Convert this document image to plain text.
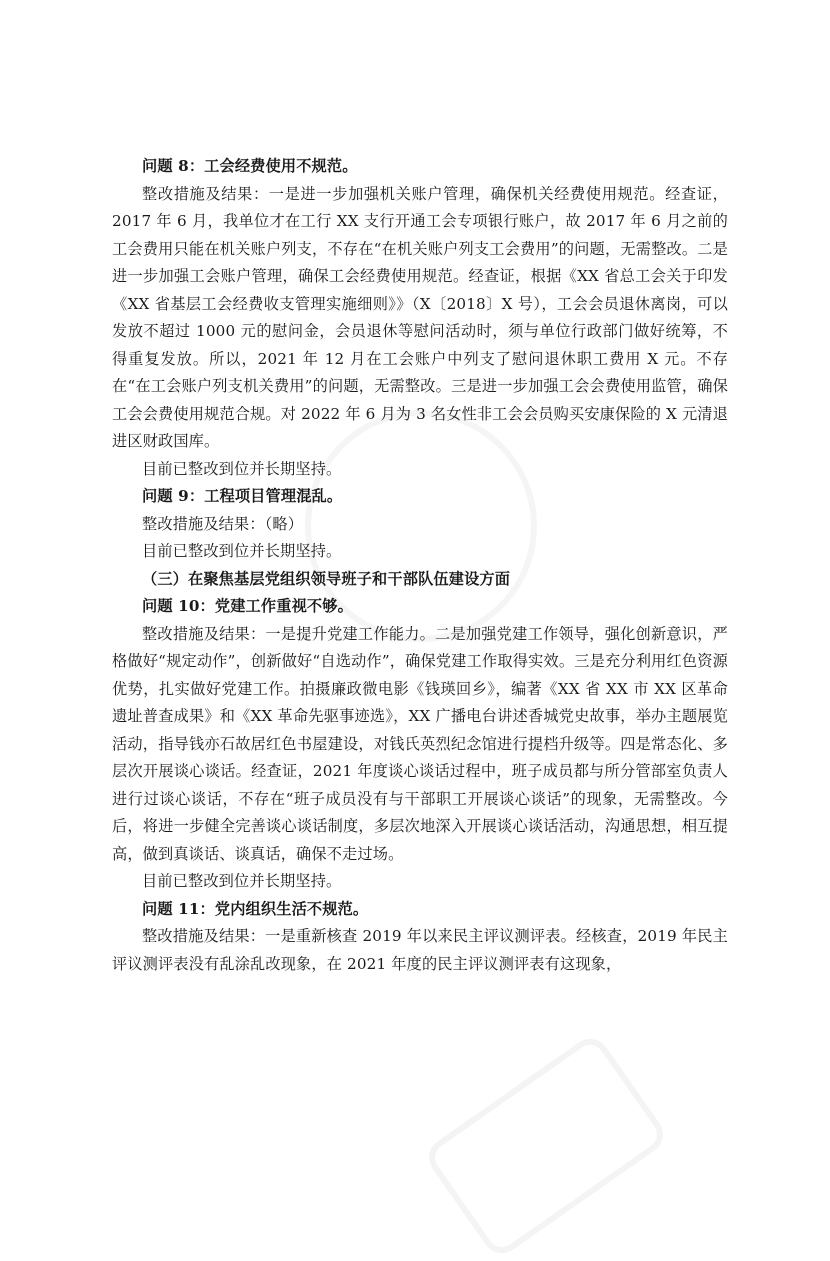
问题 8：工会经费使用不规范。

整改措施及结果：一是进一步加强机关账户管理，确保机关经费使用规范。经查证，2017 年 6 月，我单位才在工行 XX 支行开通工会专项银行账户，故 2017 年 6 月之前的工会费用只能在机关账户列支，不存在“在机关账户列支工会费用”的问题，无需整改。二是进一步加强工会账户管理，确保工会经费使用规范。经查证，根据《XX 省总工会关于印发《XX 省基层工会经费收支管理实施细则》》（X〔2018〕X 号），工会会员退休离岗，可以发放不超过 1000 元的慰问金，会员退休等慰问活动时，须与单位行政部门做好统筹，不得重复发放。所以，2021 年 12 月在工会账户中列支了慰问退休职工费用 X 元。不存在“在工会账户列支机关费用”的问题，无需整改。三是进一步加强工会会费使用监管，确保工会会费使用规范合规。对 2022 年 6 月为 3 名女性非工会会员购买安康保险的 X 元清退进区财政国库。

目前已整改到位并长期坚持。

问题 9：工程项目管理混乱。

整改措施及结果：（略）

目前已整改到位并长期坚持。

（三）在聚焦基层党组织领导班子和干部队伍建设方面

问题 10：党建工作重视不够。

整改措施及结果：一是提升党建工作能力。二是加强党建工作领导，强化创新意识，严格做好“规定动作”，创新做好“自选动作”，确保党建工作取得实效。三是充分利用红色资源优势，扎实做好党建工作。拍摄廉政微电影《钱瑛回乡》，编著《XX 省 XX 市 XX 区革命遗址普查成果》和《XX 革命先驱事迹选》，XX 广播电台讲述香城党史故事，举办主题展览活动，指导钱亦石故居红色书屋建设，对钱氏英烈纪念馆进行提档升级等。四是常态化、多层次开展谈心谈话。经查证，2021 年度谈心谈话过程中，班子成员都与所分管部室负责人进行过谈心谈话，不存在“班子成员没有与干部职工开展谈心谈话”的现象，无需整改。今后，将进一步健全完善谈心谈话制度，多层次地深入开展谈心谈话活动，沟通思想，相互提高，做到真谈话、谈真话，确保不走过场。

目前已整改到位并长期坚持。

问题 11：党内组织生活不规范。

整改措施及结果：一是重新核查 2019 年以来民主评议测评表。经核查，2019 年民主评议测评表没有乱涂乱改现象，在 2021 年度的民主评议测评表有这现象，
